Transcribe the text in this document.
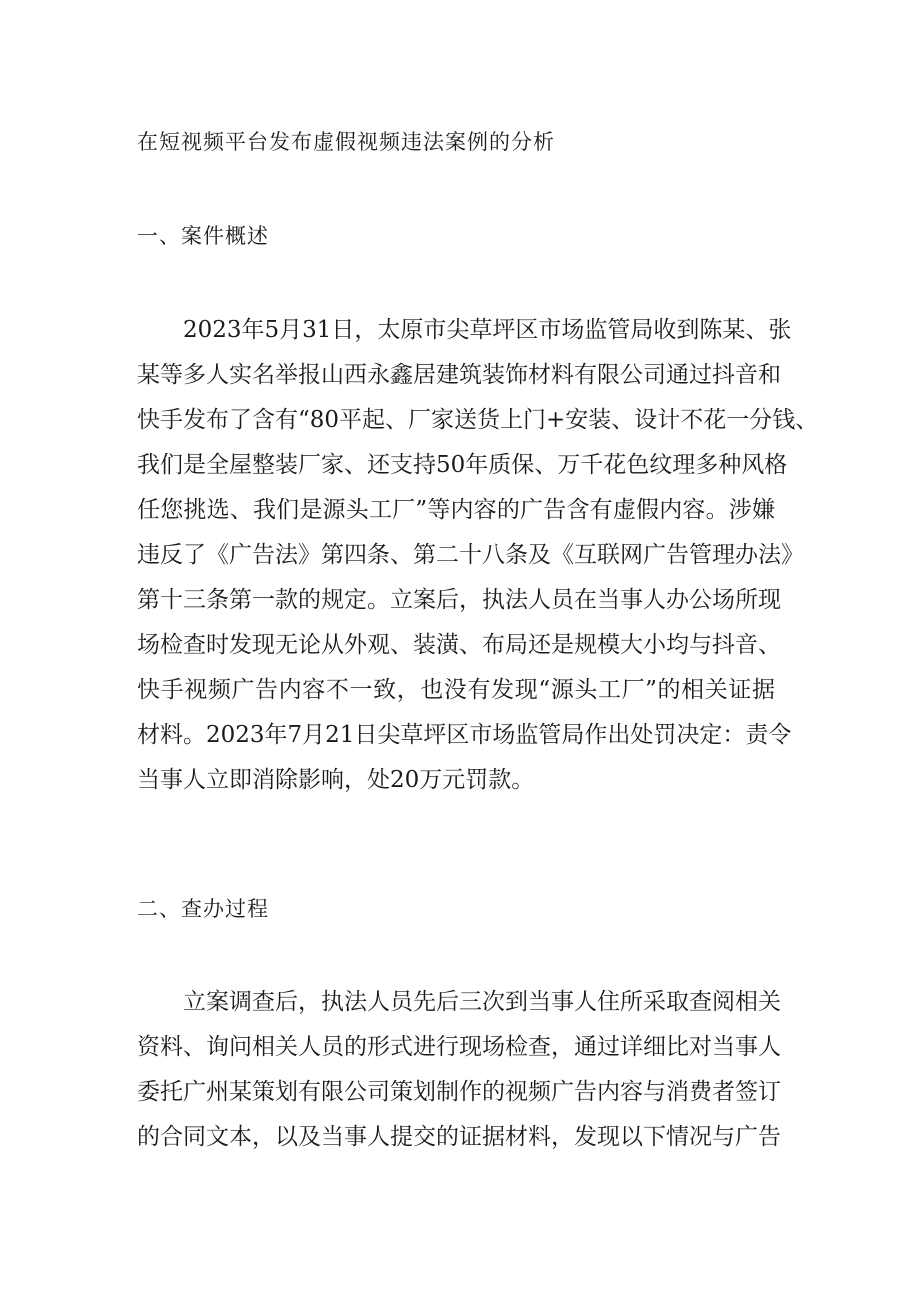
在短视频平台发布虚假视频违法案例的分析
一、案件概述
　　2023年5月31日，太原市尖草坪区市场监管局收到陈某、张
某等多人实名举报山西永鑫居建筑装饰材料有限公司通过抖音和
快手发布了含有“80平起、厂家送货上门+安装、设计不花一分钱、
我们是全屋整装厂家、还支持50年质保、万千花色纹理多种风格
任您挑选、我们是源头工厂”等内容的广告含有虚假内容。涉嫌
违反了《广告法》第四条、第二十八条及《互联网广告管理办法》
第十三条第一款的规定。立案后，执法人员在当事人办公场所现
场检查时发现无论从外观、装潢、布局还是规模大小均与抖音、
快手视频广告内容不一致，也没有发现“源头工厂”的相关证据
材料。2023年7月21日尖草坪区市场监管局作出处罚决定：责令
当事人立即消除影响，处20万元罚款。
二、查办过程
　　立案调查后，执法人员先后三次到当事人住所采取查阅相关
资料、询问相关人员的形式进行现场检查，通过详细比对当事人
委托广州某策划有限公司策划制作的视频广告内容与消费者签订
的合同文本，以及当事人提交的证据材料，发现以下情况与广告
